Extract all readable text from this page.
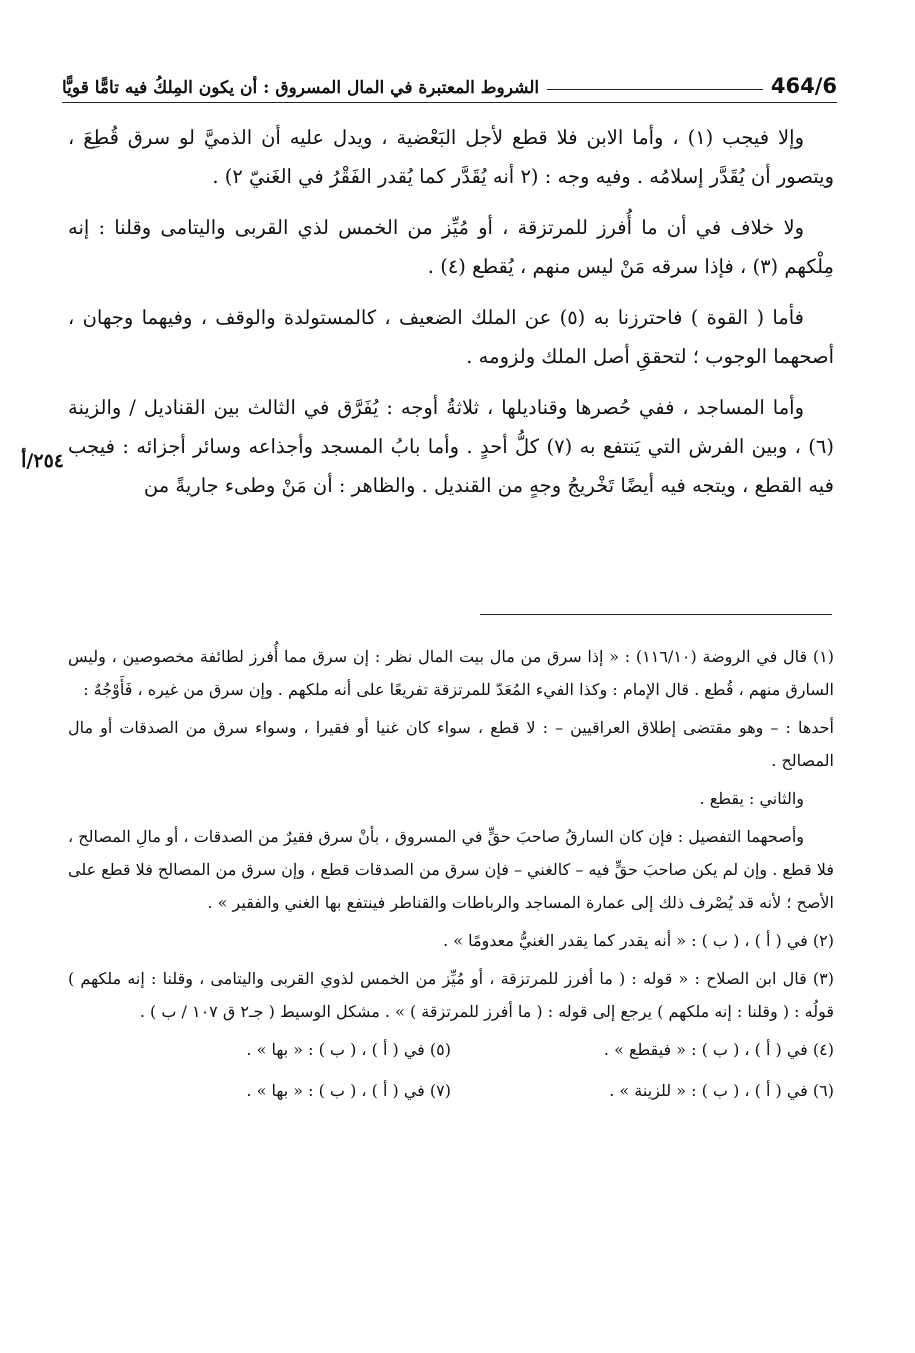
464/6
الشروط المعتبرة في المال المسروق : أن يكون المِلكُ فيه تامًّا قويًّا
٢٥٤/أ

وإلا فيجب (١) ، وأما الابن فلا قطع لأجل البَعْضية ، ويدل عليه أن الذميَّ لو سرق قُطِعَ ، ويتصور أن يُقَدَّر إسلامُه . وفيه وجه : (٢ أنه يُقَدَّر كما يُقدر الفَقْرُ في الغَنيّ ٢) .

ولا خلاف في أن ما أُفرز للمرتزقة ، أو مُيِّز من الخمس لذي القربى واليتامى وقلنا : إنه مِلْكهم (٣) ، فإذا سرقه مَنْ ليس منهم ، يُقطع (٤) .

فأما ( القوة ) فاحترزنا به (٥) عن الملك الضعيف ، كالمستولدة والوقف ، وفيهما وجهان ، أصحهما الوجوب ؛ لتحققِ أصل الملك ولزومه .

وأما المساجد ، ففي حُصرها وقناديلها ، ثلاثةُ أوجه : يُفَرَّق في الثالث بين القناديل / والزينة (٦) ، وبين الفرش التي يَنتفع به (٧) كلُّ أحدٍ . وأما بابُ المسجد وأجذاعه وسائر أجزائه : فيجب فيه القطع ، ويتجه فيه أيضًا تَخْريجُ وجهٍ من القنديل . والظاهر : أن مَنْ وطىء جاريةً من

(١) قال في الروضة (١١٦/١٠) : « إذا سرق من مال بيت المال نظر : إن سرق مما أُفرز لطائفة مخصوصين ، وليس السارق منهم ، قُطع . قال الإمام : وكذا الفيء المُعَدّ للمرتزقة تفريعًا على أنه ملكهم . وإن سرق من غيره ، فَأَوْجُهٌ :

أحدها : – وهو مقتضى إطلاق العراقيين – : لا قطع ، سواء كان غنيا أو فقيرا ، وسواء سرق من الصدقات أو مال المصالح .

والثاني : يقطع .

وأصحهما التفصيل : فإن كان السارقُ صاحبَ حقٍّ في المسروق ، بأنْ سرق فقيرٌ من الصدقات ، أو مالِ المصالح ، فلا قطع . وإن لم يكن صاحبَ حقٍّ فيه – كالغني – فإن سرق من الصدقات قطع ، وإن سرق من المصالح فلا قطع على الأصح ؛ لأنه قد يُصْرف ذلك إلى عمارة المساجد والرباطات والقناطر فينتفع بها الغني والفقير » .

(٢) في ( أ ) ، ( ب ) : « أنه يقدر كما يقدر الغنيُّ معدومًا » .

(٣) قال ابن الصلاح : « قوله : ( ما أفرز للمرتزقة ، أو مُيِّز من الخمس لذوي القربى واليتامى ، وقلنا : إنه ملكهم ) قولُه : ( وقلنا : إنه ملكهم ) يرجع إلى قوله : ( ما أفرز للمرتزقة ) » . مشكل الوسيط ( جـ٢ ق ١٠٧ / ب ) .

(٤) في ( أ ) ، ( ب ) : « فيقطع » .
(٥) في ( أ ) ، ( ب ) : « بها » .
(٦) في ( أ ) ، ( ب ) : « للزينة » .
(٧) في ( أ ) ، ( ب ) : « بها » .
